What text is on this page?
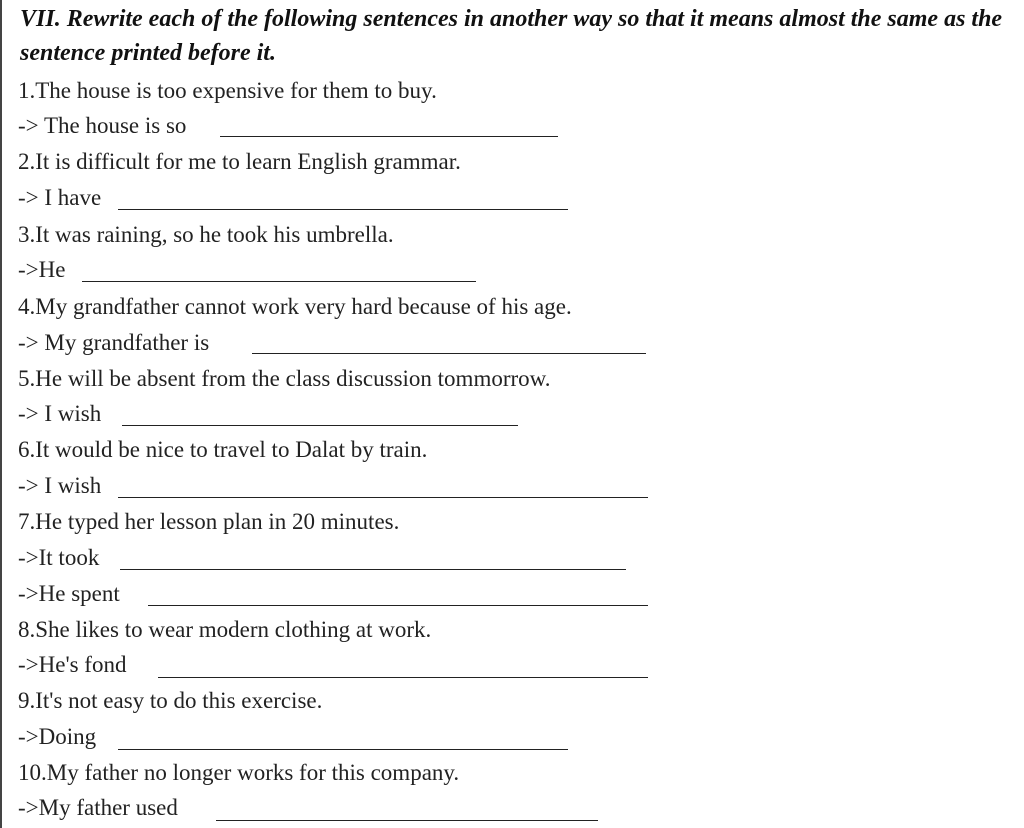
VII. Rewrite each of the following sentences in another way so that it means almost the same as the sentence printed before it.
1.The house is too expensive for them to buy.
-> The house is so
2.It is difficult for me to learn English grammar.
-> I have
3.It was raining, so he took his umbrella.
->He
4.My grandfather cannot work very hard because of his age.
-> My grandfather is
5.He will be absent from the class discussion tommorrow.
-> I wish
6.It would be nice to travel to Dalat by train.
-> I wish
7.He typed her lesson plan in 20 minutes.
->It took
->He spent
8.She likes to wear modern clothing at work.
->He's fond
9.It's not easy to do this exercise.
->Doing
10.My father no longer works for this company.
->My father used
